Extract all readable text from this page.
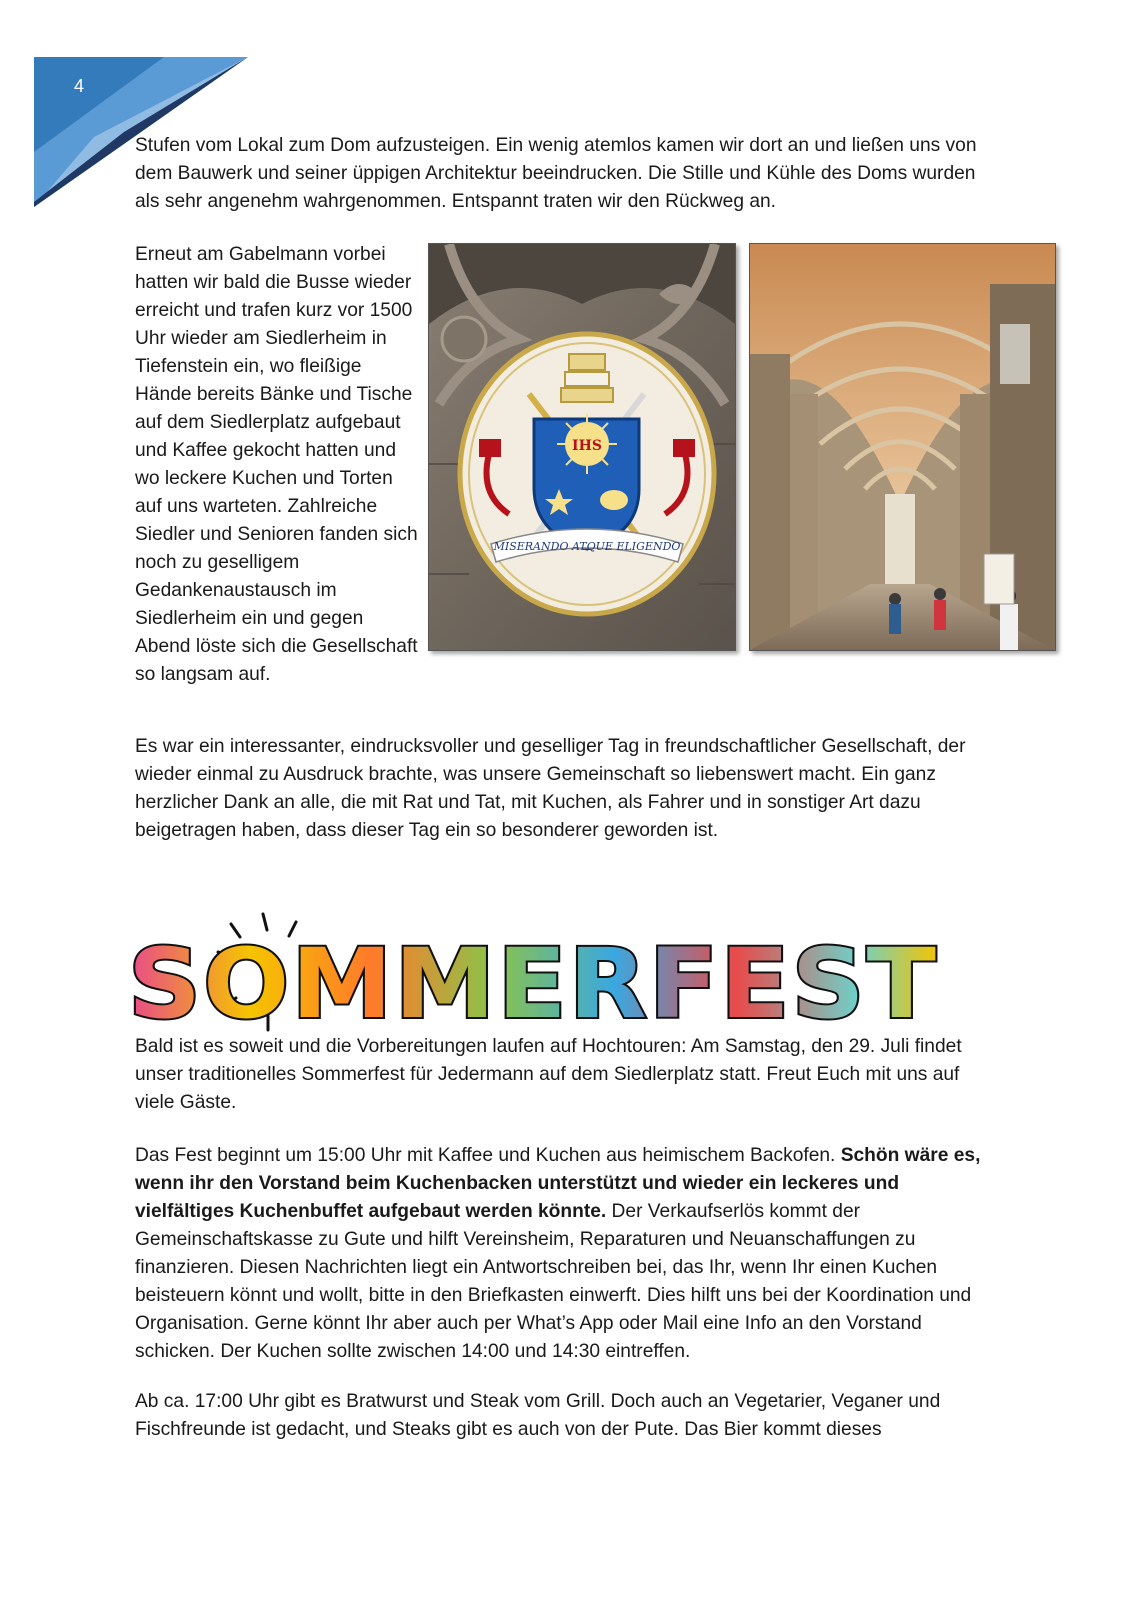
4

Stufen vom Lokal zum Dom aufzusteigen. Ein wenig atemlos kamen wir dort an und ließen uns von dem Bauwerk und seiner üppigen Architektur beeindrucken. Die Stille und Kühle des Doms wurden als sehr angenehm wahrgenommen. Entspannt traten wir den Rückweg an.

Erneut am Gabelmann vorbei hatten wir bald die Busse wieder erreicht und trafen kurz vor 1500 Uhr wieder am Siedlerheim in Tiefenstein ein, wo fleißige Hände bereits Bänke und Tische auf dem Siedlerplatz aufgebaut und Kaffee gekocht hatten und wo leckere Kuchen und Torten auf uns warteten. Zahlreiche Siedler und Senioren fanden sich noch zu geselligem Gedankenaustausch im Siedlerheim ein und gegen Abend löste sich die Gesellschaft so langsam auf.

IHS
MISERANDO ATQUE ELIGENDO

Es war ein interessanter, eindrucksvoller und geselliger Tag in freundschaftlicher Gesellschaft, der wieder einmal zu Ausdruck brachte, was unsere Gemeinschaft so liebenswert macht. Ein ganz herzlicher Dank an alle, die mit Rat und Tat, mit Kuchen, als Fahrer und in sonstiger Art dazu beigetragen haben, dass dieser Tag ein so besonderer geworden ist.

SOMMERFEST

Bald ist es soweit und die Vorbereitungen laufen auf Hochtouren: Am Samstag, den 29. Juli findet unser traditionelles Sommerfest für Jedermann auf dem Siedlerplatz statt. Freut Euch mit uns auf viele Gäste.

Das Fest beginnt um 15:00 Uhr mit Kaffee und Kuchen aus heimischem Backofen. Schön wäre es, wenn ihr den Vorstand beim Kuchenbacken unterstützt und wieder ein leckeres und vielfältiges Kuchenbuffet aufgebaut werden könnte. Der Verkaufserlös kommt der Gemeinschaftskasse zu Gute und hilft Vereinsheim, Reparaturen und Neuanschaffungen zu finanzieren. Diesen Nachrichten liegt ein Antwortschreiben bei, das Ihr, wenn Ihr einen Kuchen beisteuern könnt und wollt, bitte in den Briefkasten einwerft. Dies hilft uns bei der Koordination und Organisation. Gerne könnt Ihr aber auch per What’s App oder Mail eine Info an den Vorstand schicken. Der Kuchen sollte zwischen 14:00 und 14:30 eintreffen.

Ab ca. 17:00 Uhr gibt es Bratwurst und Steak vom Grill. Doch auch an Vegetarier, Veganer und Fischfreunde ist gedacht, und Steaks gibt es auch von der Pute. Das Bier kommt dieses
